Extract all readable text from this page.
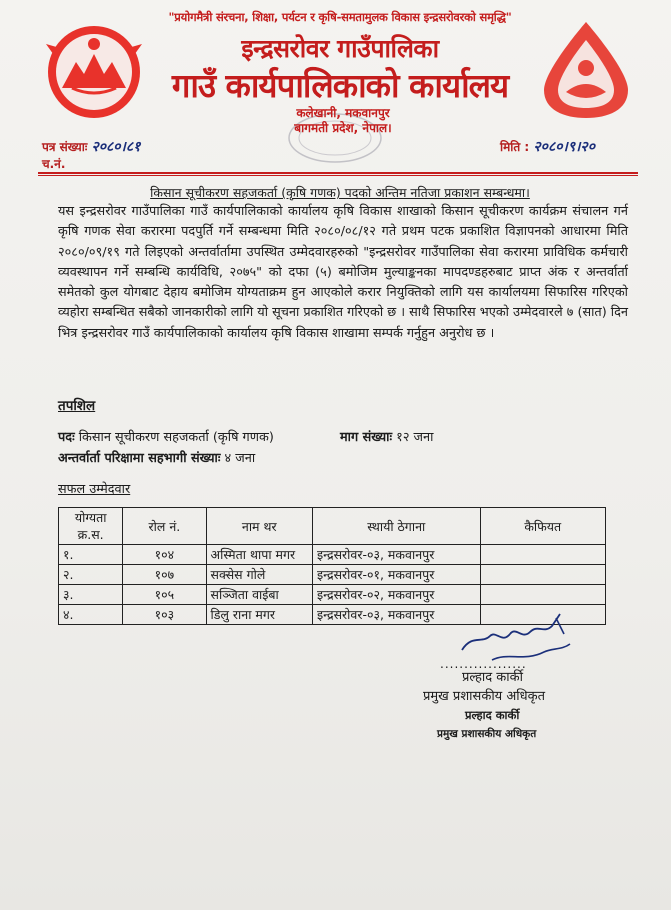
"प्रयोगमैत्री संरचना, शिक्षा, पर्यटन र कृषि-समतामुलक विकास इन्द्रसरोवरको समृद्धि"
इन्द्रसरोवर गाउँपालिका
गाउँ कार्यपालिकाको कार्यालय
कलेखानी, मकवानपुर
बागमती प्रदेश, नेपाल।
पत्र संख्याः २०८०।८१
च.नं.
मिति : २०८०।९।२०
किसान सूचीकरण सहजकर्ता (कृषि गणक) पदको अन्तिम नतिजा प्रकाशन सम्बन्धमा।
यस इन्द्रसरोवर गाउँपालिका गाउँ कार्यपालिकाको कार्यालय कृषि विकास शाखाको किसान सूचीकरण कार्यक्रम संचालन गर्न कृषि गणक सेवा करारमा पदपुर्ति गर्ने सम्बन्धमा मिति २०८०/०८/१२ गते प्रथम पटक प्रकाशित विज्ञापनको आधारमा मिति २०८०/०९/१९ गते लिइएको अन्तर्वार्तामा उपस्थित उम्मेदवारहरुको "इन्द्रसरोवर गाउँपालिका सेवा करारमा प्राविधिक कर्मचारी व्यवस्थापन गर्ने सम्बन्धि कार्यविधि, २०७५" को दफा (५) बमोजिम मुल्याङ्कनका मापदण्डहरुबाट प्राप्त अंक र अन्तर्वार्ता समेतको कुल योगबाट देहाय बमोजिम योग्यताक्रम हुन आएकोले करार नियुक्तिको लागि यस कार्यालयमा सिफारिस गरिएको व्यहोरा सम्बन्धित सबैको जानकारीको लागि यो सूचना प्रकाशित गरिएको छ । साथै सिफारिस भएको उम्मेदवारले ७ (सात) दिन भित्र इन्द्रसरोवर गाउँ कार्यपालिकाको कार्यालय कृषि विकास शाखामा सम्पर्क गर्नुहुन अनुरोध छ ।
तपशिल
पदः किसान सूचीकरण सहजकर्ता (कृषि गणक)	माग संख्याः १२ जना
अन्तर्वार्ता परिक्षामा सहभागी संख्याः ४ जना
सफल उम्मेदवार
योग्यता क्र.स.	रोल नं.	नाम थर	स्थायी ठेगाना	कैफियत
१.	१०४	अस्मिता थापा मगर	इन्द्रसरोवर-०३, मकवानपुर	
२.	१०७	सक्सेस गोले	इन्द्रसरोवर-०१, मकवानपुर	
३.	१०५	सञ्जिता वाईबा	इन्द्रसरोवर-०२, मकवानपुर	
४.	१०३	डिलु राना मगर	इन्द्रसरोवर-०३, मकवानपुर	
..................
प्रल्हाद कार्की
प्रमुख प्रशासकीय अधिकृत
प्रल्हाद कार्की
प्रमुख प्रशासकीय अधिकृत
